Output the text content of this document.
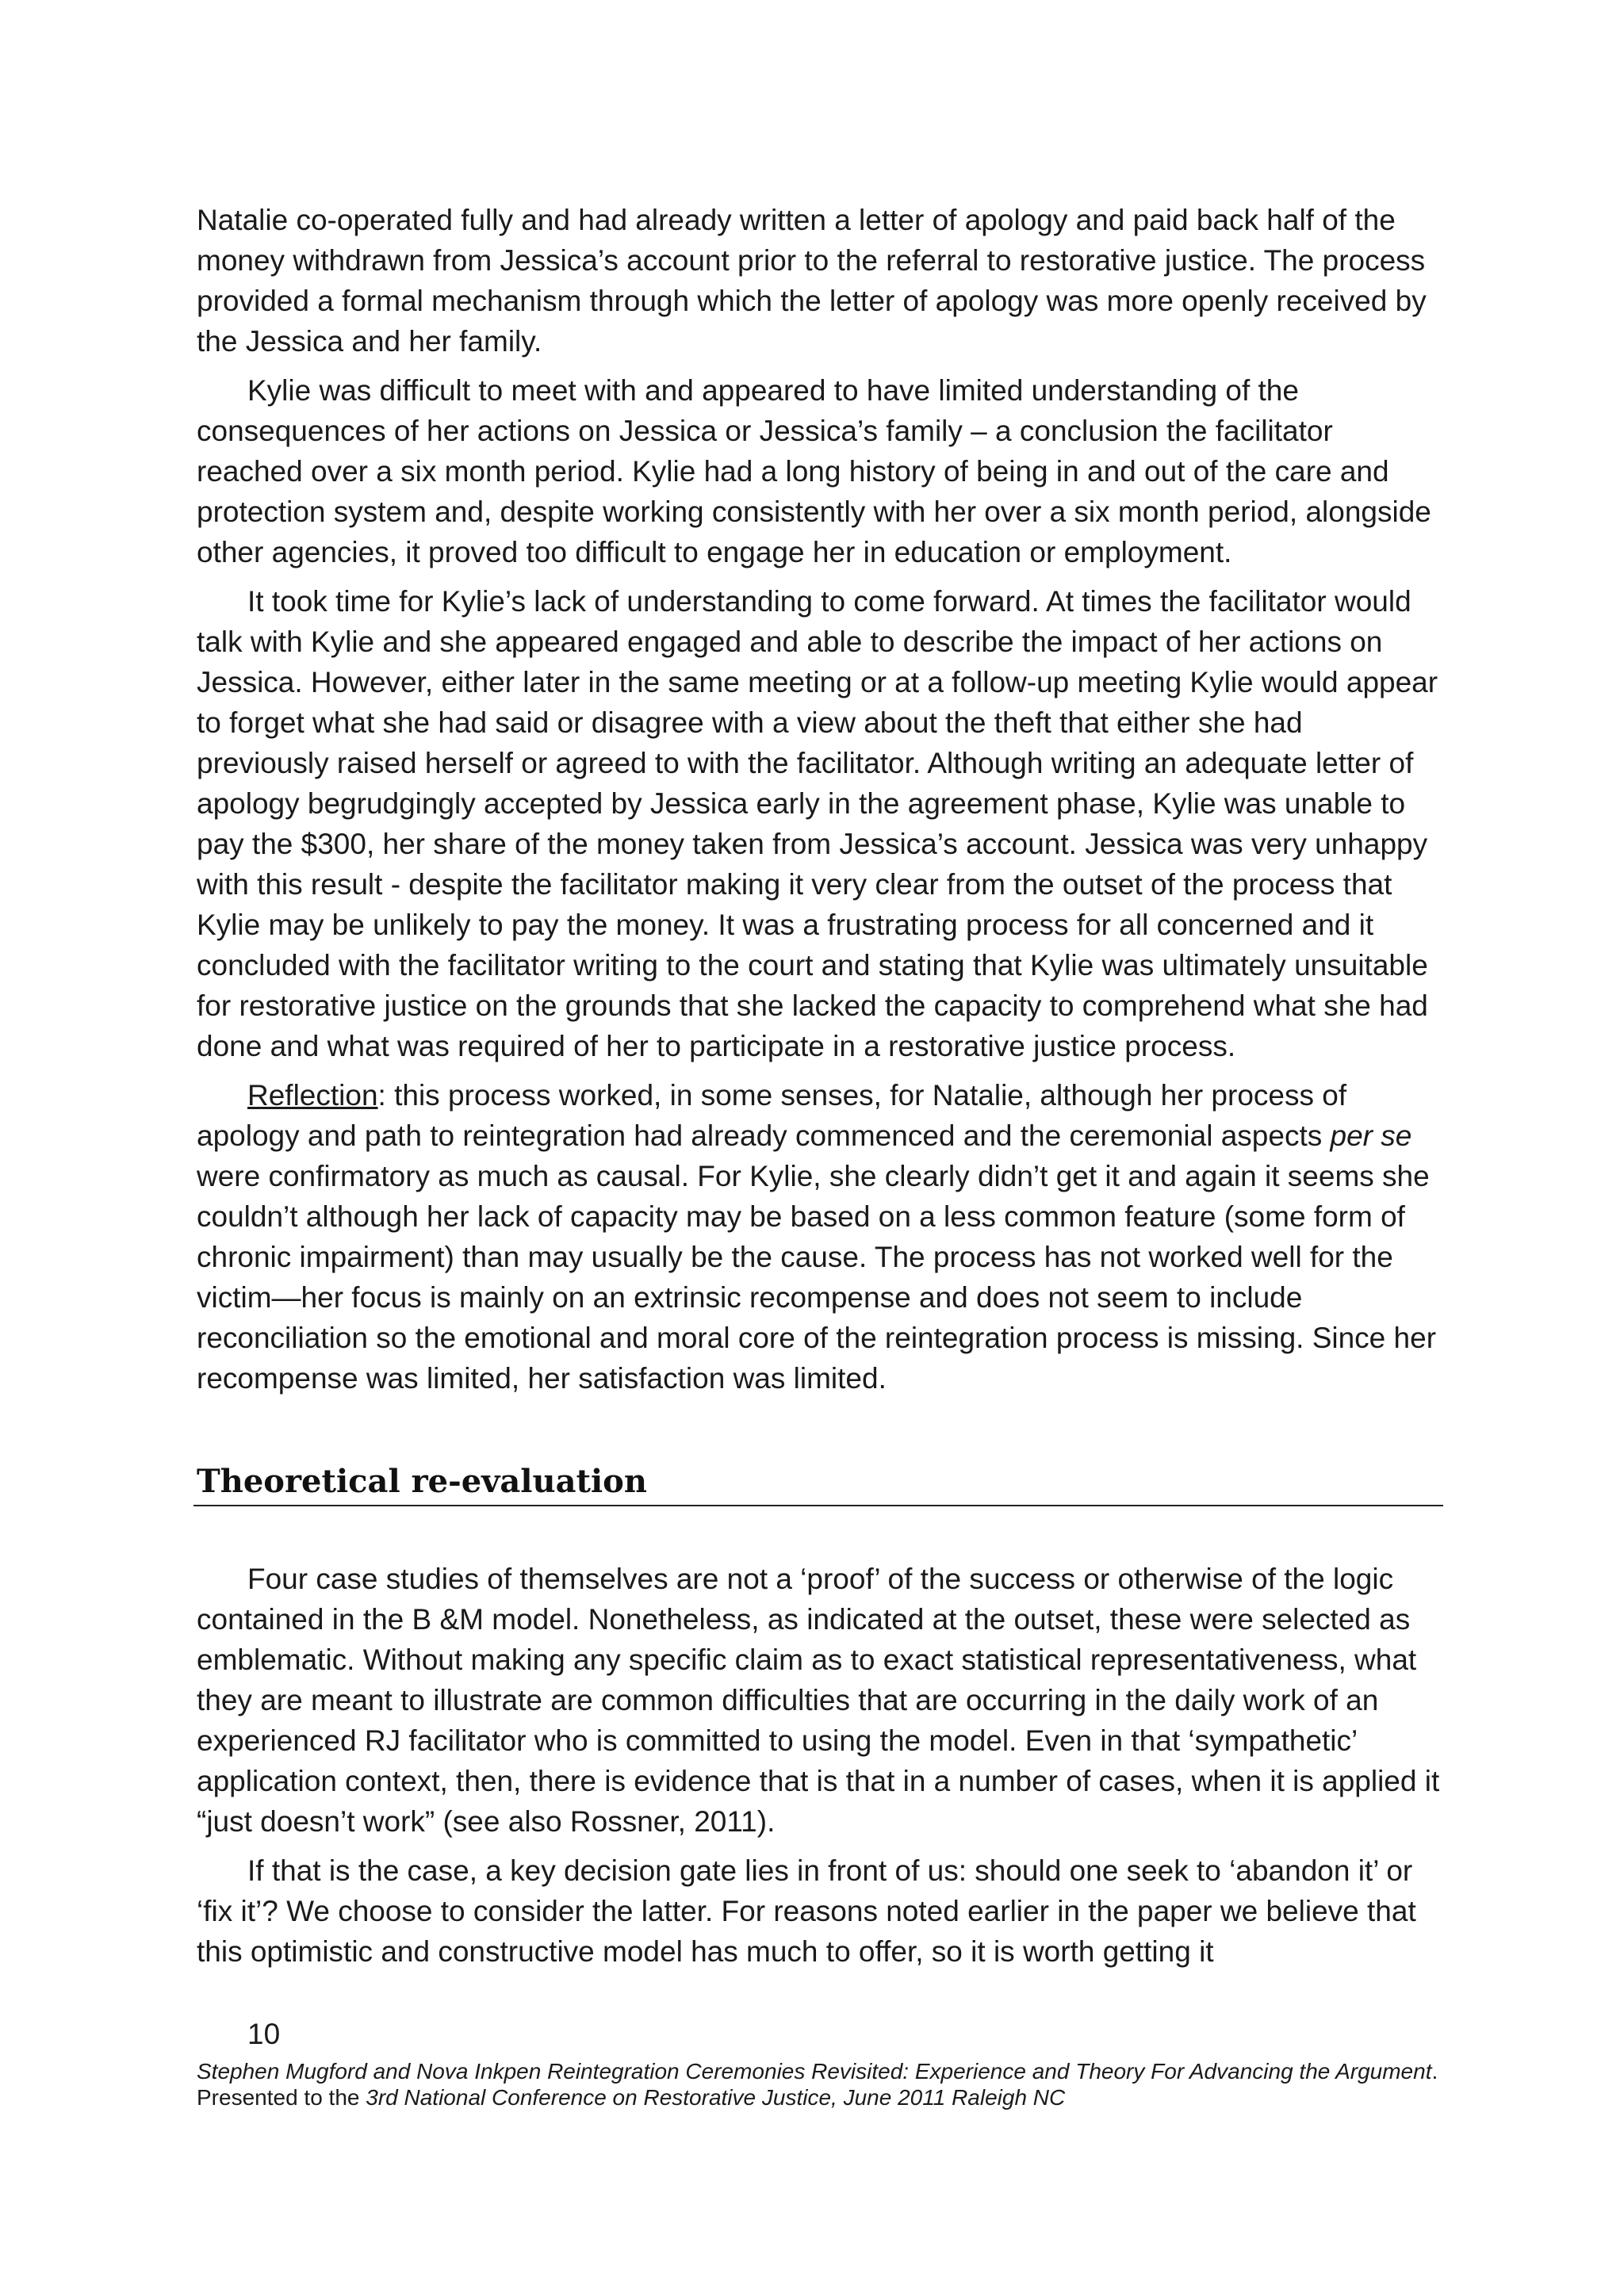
Natalie co-operated fully and had already written a letter of apology and paid back half of the money withdrawn from Jessica’s account prior to the referral to restorative justice. The process provided a formal mechanism through which the letter of apology was more openly received by the Jessica and her family.

Kylie was difficult to meet with and appeared to have limited understanding of the consequences of her actions on Jessica or Jessica’s family – a conclusion the facilitator reached over a six month period. Kylie had a long history of being in and out of the care and protection system and, despite working consistently with her over a six month period, alongside other agencies, it proved too difficult to engage her in education or employment.

It took time for Kylie’s lack of understanding to come forward. At times the facilitator would talk with Kylie and she appeared engaged and able to describe the impact of her actions on Jessica. However, either later in the same meeting or at a follow-up meeting Kylie would appear to forget what she had said or disagree with a view about the theft that either she had previously raised herself or agreed to with the facilitator. Although writing an adequate letter of apology begrudgingly accepted by Jessica early in the agreement phase, Kylie was unable to pay the $300, her share of the money taken from Jessica’s account. Jessica was very unhappy with this result - despite the facilitator making it very clear from the outset of the process that Kylie may be unlikely to pay the money. It was a frustrating process for all concerned and it concluded with the facilitator writing to the court and stating that Kylie was ultimately unsuitable for restorative justice on the grounds that she lacked the capacity to comprehend what she had done and what was required of her to participate in a restorative justice process.

Reflection: this process worked, in some senses, for Natalie, although her process of apology and path to reintegration had already commenced and the ceremonial aspects per se were confirmatory as much as causal. For Kylie, she clearly didn’t get it and again it seems she couldn’t although her lack of capacity may be based on a less common feature (some form of chronic impairment) than may usually be the cause. The process has not worked well for the victim—her focus is mainly on an extrinsic recompense and does not seem to include reconciliation so the emotional and moral core of the reintegration process is missing. Since her recompense was limited, her satisfaction was limited.

Theoretical re-evaluation

Four case studies of themselves are not a ‘proof’ of the success or otherwise of the logic contained in the B &M model. Nonetheless, as indicated at the outset, these were selected as emblematic. Without making any specific claim as to exact statistical representativeness, what they are meant to illustrate are common difficulties that are occurring in the daily work of an experienced RJ facilitator who is committed to using the model. Even in that ‘sympathetic’ application context, then, there is evidence that is that in a number of cases, when it is applied it “just doesn’t work” (see also Rossner, 2011).

If that is the case, a key decision gate lies in front of us: should one seek to ‘abandon it’ or ‘fix it’? We choose to consider the latter. For reasons noted earlier in the paper we believe that this optimistic and constructive model has much to offer, so it is worth getting it

10

Stephen Mugford and Nova Inkpen Reintegration Ceremonies Revisited: Experience and Theory For Advancing the Argument. Presented to the 3rd National Conference on Restorative Justice, June 2011 Raleigh NC
